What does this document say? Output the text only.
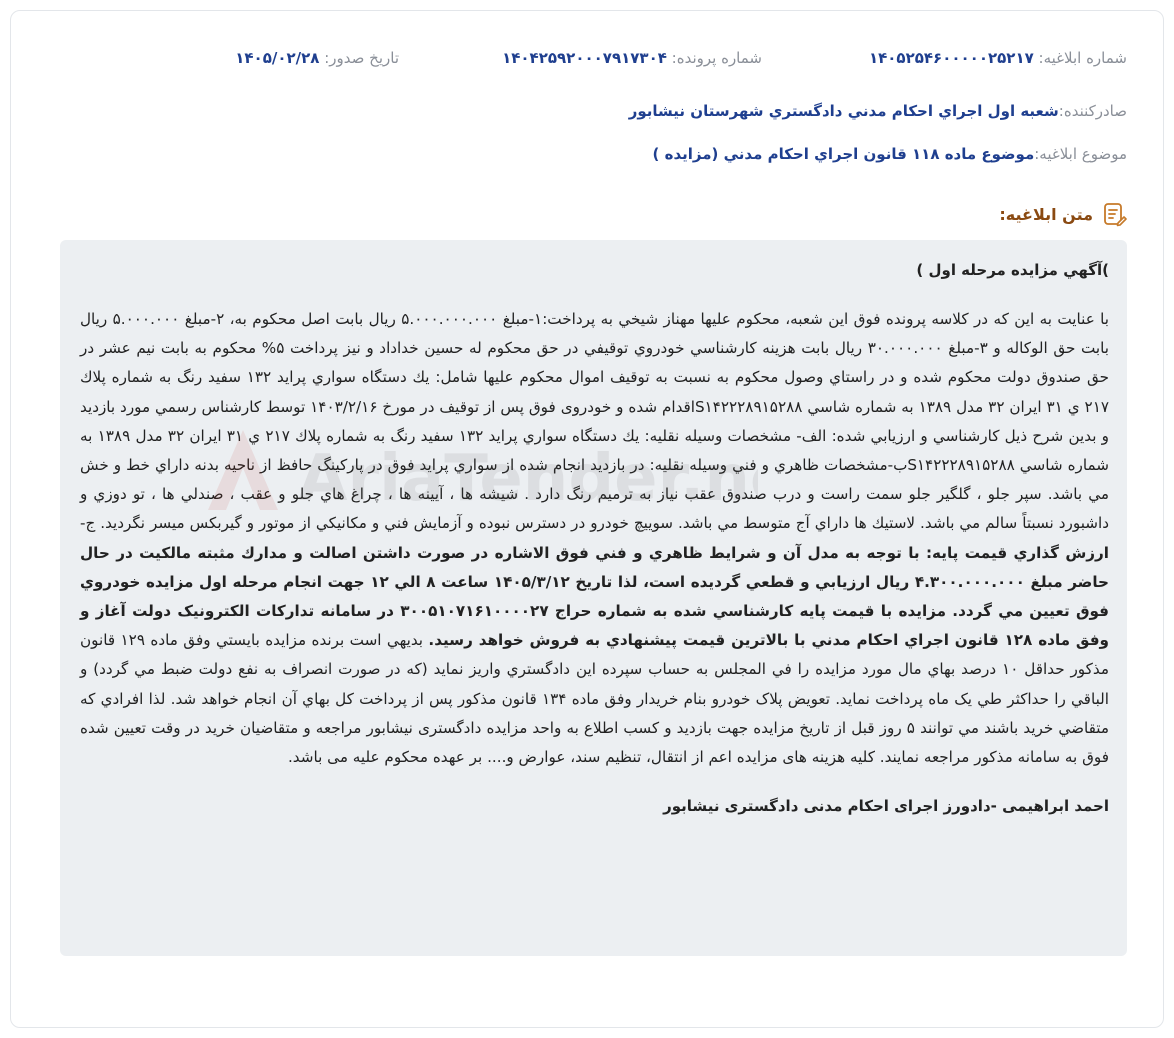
شماره ابلاغيه: ۱۴۰۵۲۵۴۶۰۰۰۰۰۲۵۲۱۷
شماره پرونده: ۱۴۰۴۲۵۹۲۰۰۰۷۹۱۷۳۰۴
تاريخ صدور: ۱۴۰۵/۰۲/۲۸
صادرکننده:
شعبه اول اجراي احکام مدني دادگستري شهرستان نيشابور
موضوع ابلاغيه:
موضوع ماده ۱۱۸ قانون اجراي احکام مدني (مزايده )
متن ابلاغيه:
)آگهي مزايده مرحله اول )

با عنايت به اين که در کلاسه پرونده فوق اين شعبه، محکوم عليها مهناز شيخي به پرداخت:۱-مبلغ ۵.۰۰۰.۰۰۰.۰۰۰ ريال بابت اصل محکوم به، ۲-مبلغ ۵.۰۰۰.۰۰۰ ريال بابت حق الوکاله و ۳-مبلغ ۳۰.۰۰۰.۰۰۰ ريال بابت هزينه کارشناسي خودروي توقيفي در حق محکوم له حسين خداداد و نيز پرداخت ۵% محکوم به بابت نيم عشر در حق صندوق دولت محکوم شده و در راستاي وصول محکوم به نسبت به توقيف اموال محکوم عليها شامل: يك دستگاه سواري پرايد ۱۳۲ سفيد رنگ به شماره پلاك ۲۱۷ ي ۳۱ ايران ۳۲ مدل ۱۳۸۹ به شماره شاسي S۱۴۲۲۲۸۹۱۵۲۸۸اقدام شده و خودروی فوق پس از توقيف در مورخ ۱۴۰۳/۲/۱۶ توسط کارشناس رسمي مورد بازديد و بدين شرح ذيل کارشناسي و ارزيابي شده: الف- مشخصات وسيله نقليه: يك دستگاه سواري پرايد ۱۳۲ سفيد رنگ به شماره پلاك ۲۱۷ ي ۳۱ ايران ۳۲ مدل ۱۳۸۹ به شماره شاسي S۱۴۲۲۲۸۹۱۵۲۸۸ب-مشخصات ظاهري و فني وسيله نقليه: در بازديد انجام شده از سواري پرايد فوق در پارکينگ حافظ از ناحيه بدنه داراي خط و خش مي باشد. سپر جلو ، گلگير جلو سمت راست و درب صندوق عقب نياز به ترميم رنگ دارد . شيشه ها ، آيينه ها ، چراغ هاي جلو و عقب ، صندلي ها ، تو دوزي و داشبورد نسبتاً سالم مي باشد. لاستيك ها داراي آج متوسط مي باشد. سوييچ خودرو در دسترس نبوده و آزمايش فني و مکانيکي از موتور و گيربکس ميسر نگرديد. ج- ارزش گذاري قيمت پايه: با توجه به مدل آن و شرايط ظاهري و فني فوق الاشاره در صورت داشتن اصالت و مدارك مثبته مالکيت در حال حاضر مبلغ ۴.۳۰۰.۰۰۰.۰۰۰ ريال ارزيابي و قطعي گرديده است، لذا تاريخ ۱۴۰۵/۳/۱۲ ساعت ۸ الي ۱۲ جهت انجام مرحله اول مزايده خودروي فوق تعيين مي گردد. مزايده با قيمت پايه کارشناسي شده به شماره حراج ۳۰۰۵۱۰۷۱۶۱۰۰۰۰۲۷ در سامانه تدارکات الکترونيک دولت آغاز و وفق ماده ۱۲۸ قانون اجراي احکام مدني با بالاترين قيمت پيشنهادي به فروش خواهد رسيد. بديهي است برنده مزايده بايستي وفق ماده ۱۲۹ قانون مذکور حداقل ۱۰ درصد بهاي مال مورد مزايده را في المجلس به حساب سپرده اين دادگستري واريز نمايد (که در صورت انصراف به نفع دولت ضبط مي گردد) و الباقي را حداکثر طي يک ماه پرداخت نمايد. تعويض پلاک خودرو بنام خريدار وفق ماده ۱۳۴ قانون مذکور پس از پرداخت کل بهاي آن انجام خواهد شد. لذا افرادي که متقاضي خريد باشند مي توانند ۵ روز قبل از تاريخ مزايده جهت بازديد و کسب اطلاع به واحد مزايده دادگستری نيشابور مراجعه و متقاضيان خريد در وقت تعيين شده فوق به سامانه مذکور مراجعه نمايند. کليه هزينه های مزايده اعم از انتقال، تنظيم سند، عوارض و.... بر عهده محکوم عليه می باشد.

احمد ابراهيمی -دادورز اجرای احکام مدنی دادگستری نيشابور
